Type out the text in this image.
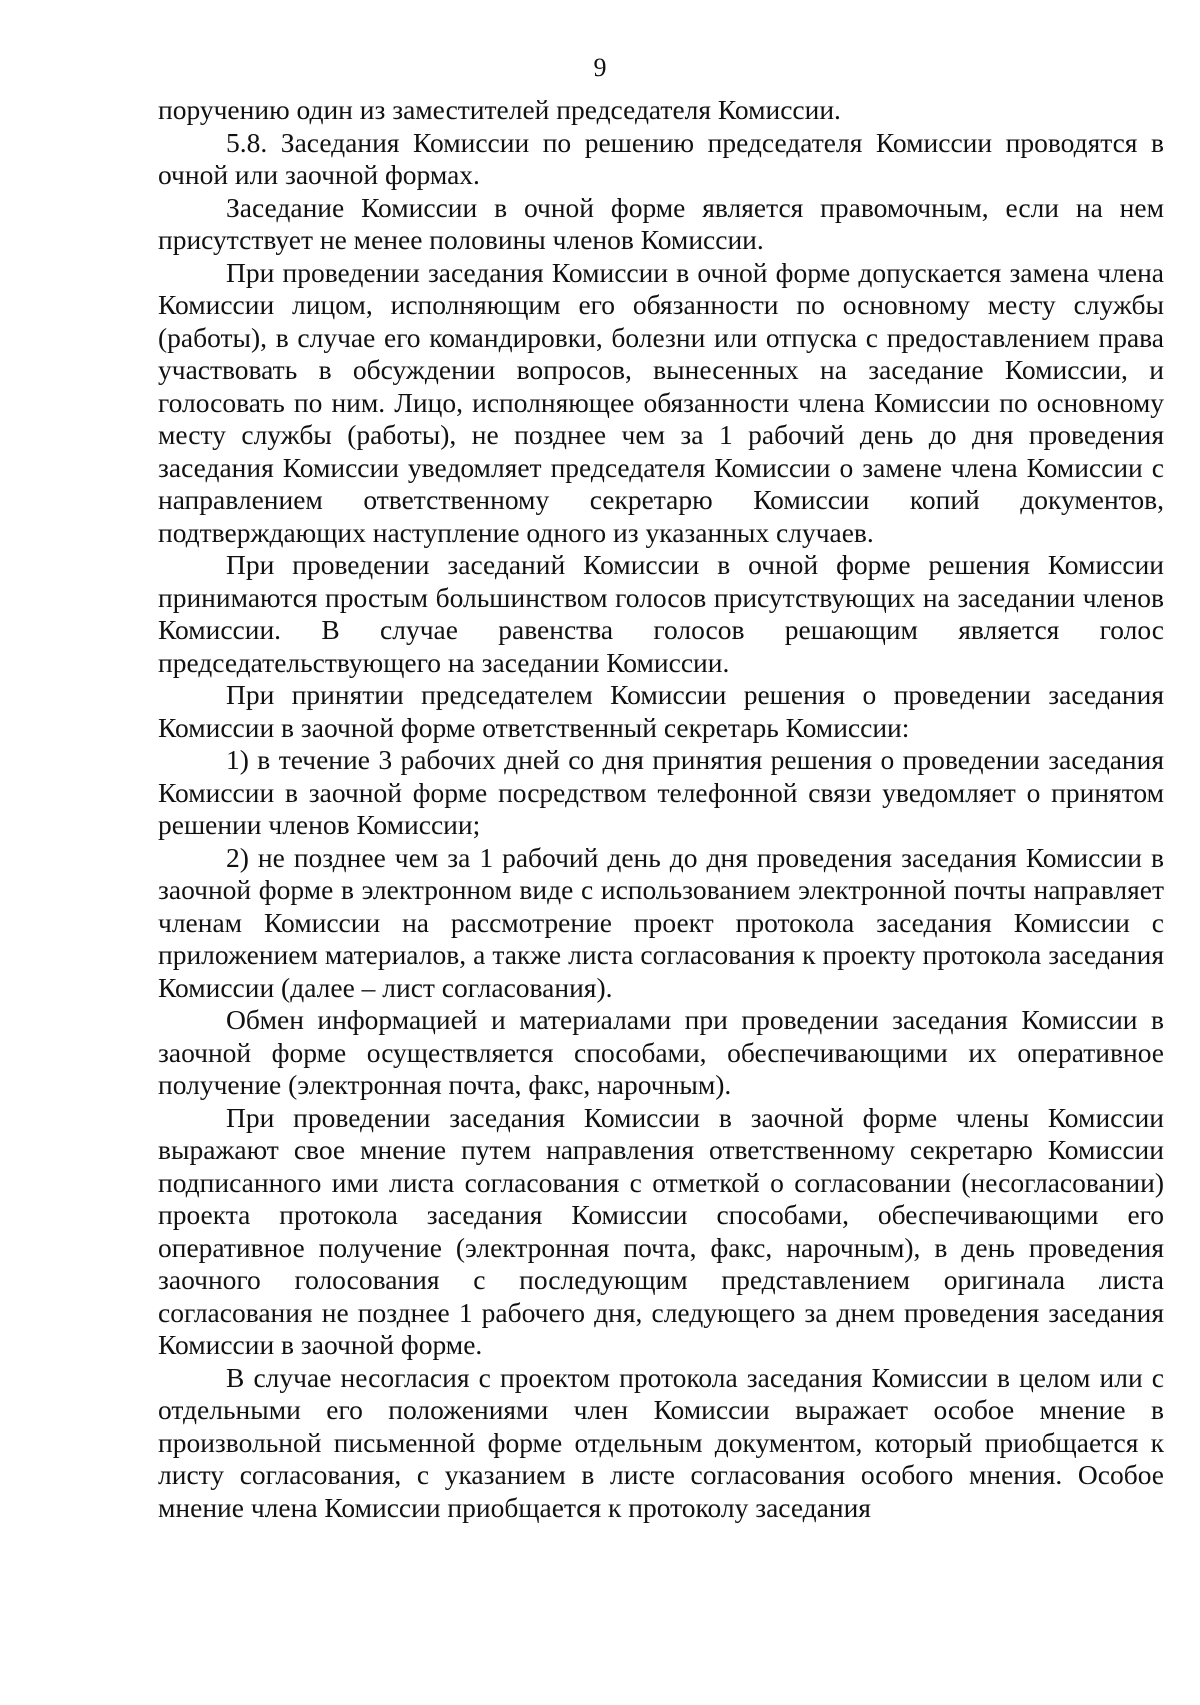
9

поручению один из заместителей председателя Комиссии.

5.8. Заседания Комиссии по решению председателя Комиссии проводятся в очной или заочной формах.

Заседание Комиссии в очной форме является правомочным, если на нем присутствует не менее половины членов Комиссии.

При проведении заседания Комиссии в очной форме допускается замена члена Комиссии лицом, исполняющим его обязанности по основному месту службы (работы), в случае его командировки, болезни или отпуска с предоставлением права участвовать в обсуждении вопросов, вынесенных на заседание Комиссии, и голосовать по ним. Лицо, исполняющее обязанности члена Комиссии по основному месту службы (работы), не позднее чем за 1 рабочий день до дня проведения заседания Комиссии уведомляет председателя Комиссии о замене члена Комиссии с направлением ответственному секретарю Комиссии копий документов, подтверждающих наступление одного из указанных случаев.

При проведении заседаний Комиссии в очной форме решения Комиссии принимаются простым большинством голосов присутствующих на заседании членов Комиссии. В случае равенства голосов решающим является голос председательствующего на заседании Комиссии.

При принятии председателем Комиссии решения о проведении заседания Комиссии в заочной форме ответственный секретарь Комиссии:

1) в течение 3 рабочих дней со дня принятия решения о проведении заседания Комиссии в заочной форме посредством телефонной связи уведомляет о принятом решении членов Комиссии;

2) не позднее чем за 1 рабочий день до дня проведения заседания Комиссии в заочной форме в электронном виде с использованием электронной почты направляет членам Комиссии на рассмотрение проект протокола заседания Комиссии с приложением материалов, а также листа согласования к проекту протокола заседания Комиссии (далее – лист согласования).

Обмен информацией и материалами при проведении заседания Комиссии в заочной форме осуществляется способами, обеспечивающими их оперативное получение (электронная почта, факс, нарочным).

При проведении заседания Комиссии в заочной форме члены Комиссии выражают свое мнение путем направления ответственному секретарю Комиссии подписанного ими листа согласования с отметкой о согласовании (несогласовании) проекта протокола заседания Комиссии способами, обеспечивающими его оперативное получение (электронная почта, факс, нарочным), в день проведения заочного голосования с последующим представлением оригинала листа согласования не позднее 1 рабочего дня, следующего за днем проведения заседания Комиссии в заочной форме.

В случае несогласия с проектом протокола заседания Комиссии в целом или с отдельными его положениями член Комиссии выражает особое мнение в произвольной письменной форме отдельным документом, который приобщается к листу согласования, с указанием в листе согласования особого мнения. Особое мнение члена Комиссии приобщается к протоколу заседания
